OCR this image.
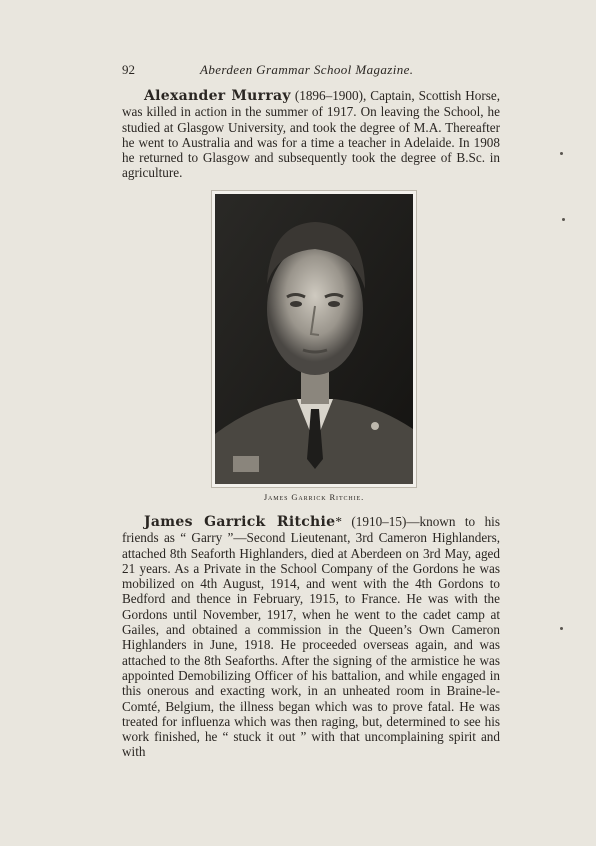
92	Aberdeen Grammar School Magazine.

Alexander Murray (1896–1900), Captain, Scottish Horse, was killed in action in the summer of 1917. On leaving the School, he studied at Glasgow University, and took the degree of M.A. Thereafter he went to Australia and was for a time a teacher in Adelaide. In 1908 he returned to Glasgow and subsequently took the degree of B.Sc. in agriculture.

James Garrick Ritchie.

James Garrick Ritchie* (1910–15)—known to his friends as “ Garry ”—Second Lieutenant, 3rd Cameron Highlanders, attached 8th Seaforth Highlanders, died at Aberdeen on 3rd May, aged 21 years. As a Private in the School Company of the Gordons he was mobilized on 4th August, 1914, and went with the 4th Gordons to Bedford and thence in February, 1915, to France. He was with the Gordons until November, 1917, when he went to the cadet camp at Gailes, and obtained a commission in the Queen’s Own Cameron Highlanders in June, 1918. He proceeded overseas again, and was attached to the 8th Seaforths. After the signing of the armistice he was appointed Demobilizing Officer of his battalion, and while engaged in this onerous and exacting work, in an unheated room in Braine-le-Comté, Belgium, the illness began which was to prove fatal. He was treated for influenza which was then raging, but, determined to see his work finished, he “ stuck it out ” with that uncomplaining spirit and with
